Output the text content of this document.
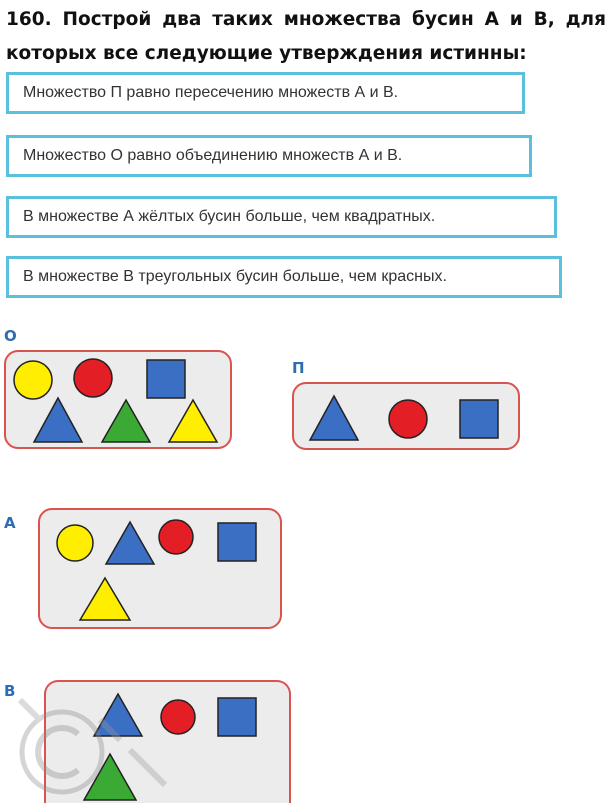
160. Построй два таких множества бусин А и В, для которых все следующие утверждения истинны:

Множество П равно пересечению множеств А и В.
Множество О равно объединению множеств А и В.
В множестве А жёлтых бусин больше, чем квадратных.
В множестве В треугольных бусин больше, чем красных.
О
П
А
В
